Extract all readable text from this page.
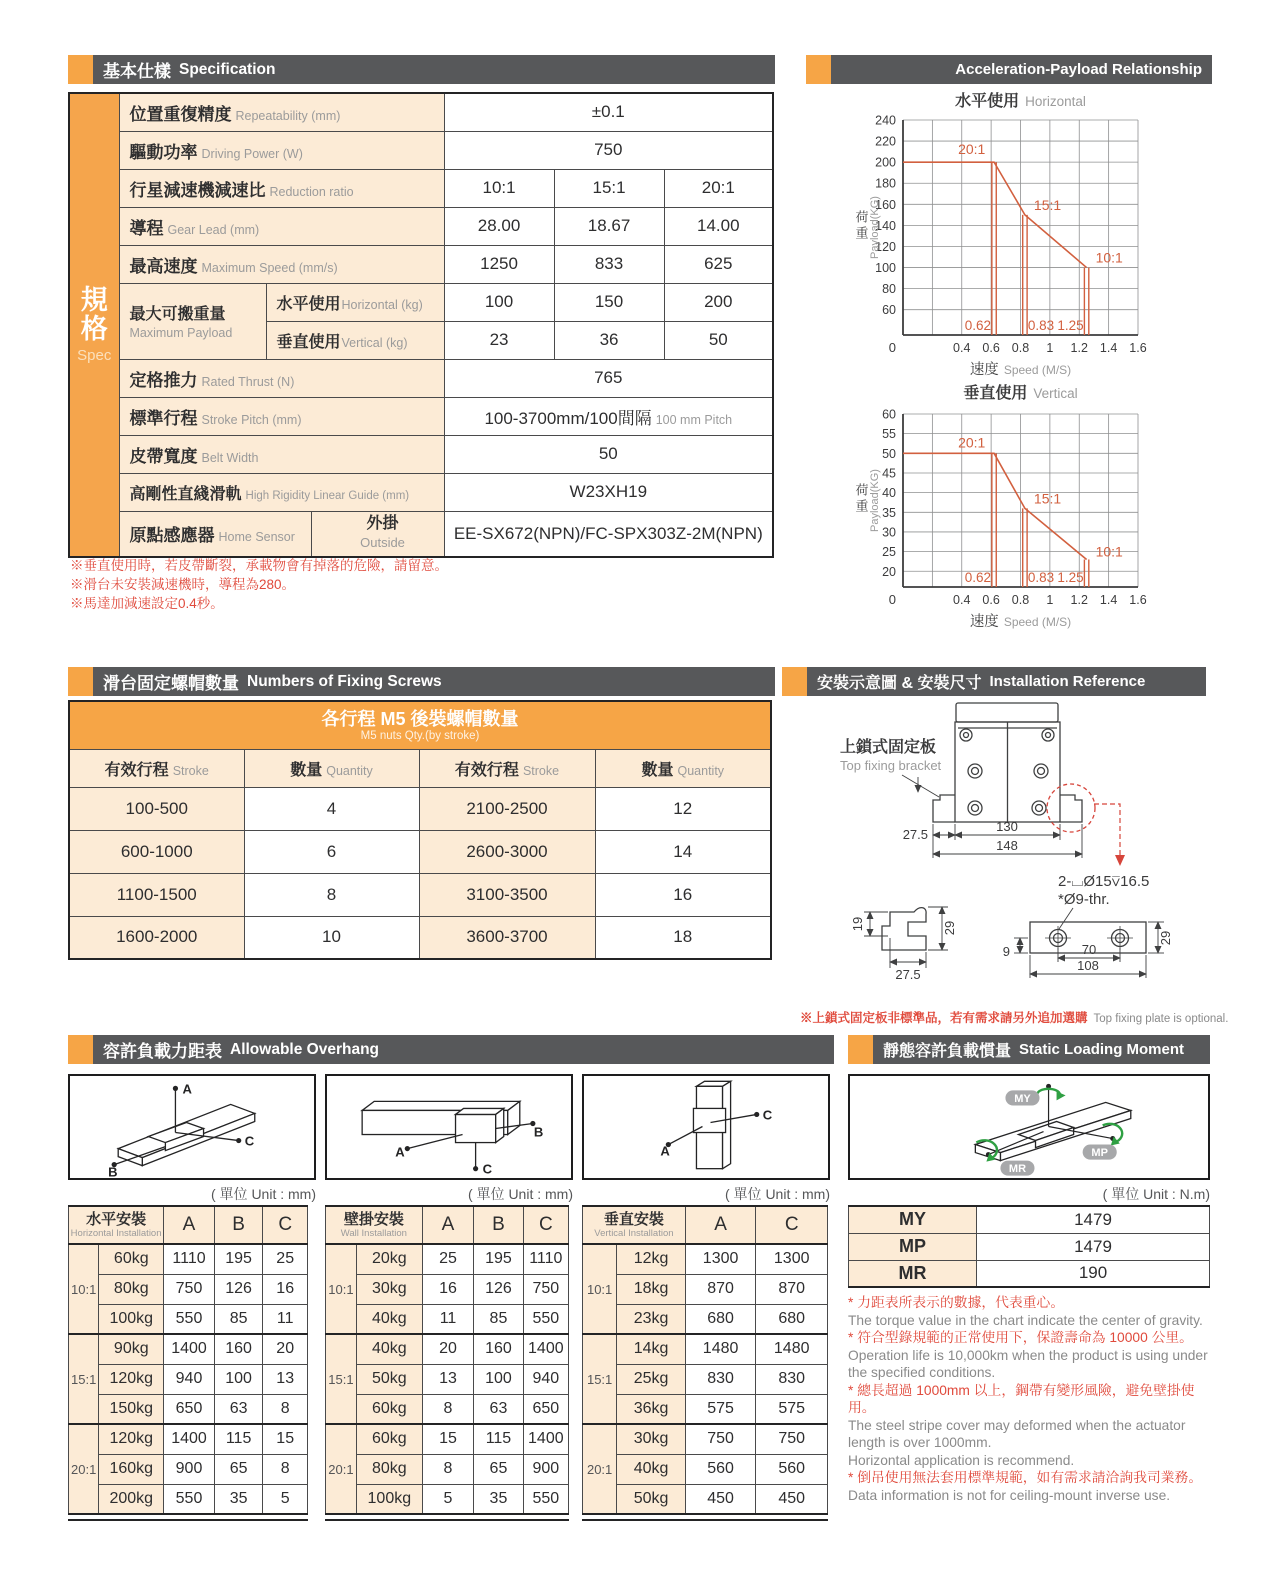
基本仕樣 Specification	Acceleration-Payload Relationship
滑台固定螺帽數量 Numbers of Fixing Screws	安裝示意圖 & 安裝尺寸 Installation Reference
容許負載力距表 Allowable Overhang	靜態容許負載慣量 Static Loading Moment
規
格
Spec	位置重復精度 Repeatability (mm)			±0.1		
	驅動功率 Driving Power (W)			750		
	行星減速機減速比 Reduction ratio			10:1	15:1	20:1
	導程 Gear Lead (mm)			28.00	18.67	14.00
	最高速度 Maximum Speed (mm/s)			1250	833	625
	最大可搬重量
Maximum Payload	水平使用Horizontal (kg)		100	150	200
		垂直使用Vertical (kg)		23	36	50
	定格推力 Rated Thrust (N)			765		
	標準行程 Stroke Pitch (mm)			100-3700mm/100間隔 100 mm Pitch		
	皮帶寬度 Belt Width			50		
	高剛性直綫滑軌 High Rigidity Linear Guide (mm)			W23XH19		
	原點感應器 Home Sensor		外掛
Outside	EE-SX672(NPN)/FC-SPX303Z-2M(NPN)		
※垂直使用時，若皮帶斷裂，承載物會有掉落的危險，請留意。
※滑台未安裝減速機時，導程為280。
※馬達加減速設定0.4秒。
60
80
100
120
140
160
180
200
220
240
0	0.4 0.6 0.8 1 1.2 1.4 1.6
20:1
15:1
10:1
0.62	0.83 1.25
水平使用 Horizontal
荷
重 Payload(KG)
速度 Speed (M/S)
20
25
30
35
40
45
50
55
60
0	0.4 0.6 0.8 1 1.2 1.4 1.6
20:1
15:1
10:1
0.62	0.83 1.25
垂直使用 Vertical
荷
重 Payload(KG)
速度 Speed (M/S)
各行程 M5 後裝螺帽數量
M5 nuts Qty.(by stroke)			

有效行程 Stroke	數量 Quantity	有效行程 Stroke	數量 Quantity
100-500	4	2100-2500	12
600-1000	6	2600-3000	14
1100-1500	8	3100-3500	16
1600-2000	10	3600-3700	18
上鎖式固定板
Top fixing bracket
27.5
130
148
2-⌴Ø15⊽16.5
*Ø9-thr.
19	29
27.5
9	70
108
29
※上鎖式固定板非標準品，若有需求請另外追加選購 Top fixing plate is optional.
A
B
C
A
B
C
A
C
MY
MP
MR
( 單位 Unit : mm)	( 單位 Unit : mm)	( 單位 Unit : mm)	( 單位 Unit : N.m)
水平安裝
Horizontal Installation		A	B	C
10:1	60kg	1110	195	25
	80kg	750	126	16
	100kg	550	85	11
15:1	90kg	1400	160	20
	120kg	940	100	13
	150kg	650	63	8
20:1	120kg	1400	115	15
	160kg	900	65	8
	200kg	550	35	5
壁掛安裝
Wall Installation		A	B	C
10:1	20kg	25	195	1110
	30kg	16	126	750
	40kg	11	85	550
15:1	40kg	20	160	1400
	50kg	13	100	940
	60kg	8	63	650
20:1	60kg	15	115	1400
	80kg	8	65	900
	100kg	5	35	550
垂直安裝
Vertical Installation		A	C
10:1	12kg	1300	1300
	18kg	870	870
	23kg	680	680
15:1	14kg	1480	1480
	25kg	830	830
	36kg	575	575
20:1	30kg	750	750
	40kg	560	560
	50kg	450	450
MY	1479
MP	1479
MR	190
* 力距表所表示的數據，代表重心。
The torque value in the chart indicate the center of gravity.
* 符合型錄規範的正常使用下，保證壽命為 10000 公里。
Operation life is 10,000km when the product is using under the specified conditions.
* 總長超過 1000mm 以上，鋼帶有變形風險，避免壁掛使用。
The steel stripe cover may deformed when the actuator length is over 1000mm.
Horizontal application is recommend.
* 倒吊使用無法套用標準規範，如有需求請洽詢我司業務。
Data information is not for ceiling-mount inverse use.
